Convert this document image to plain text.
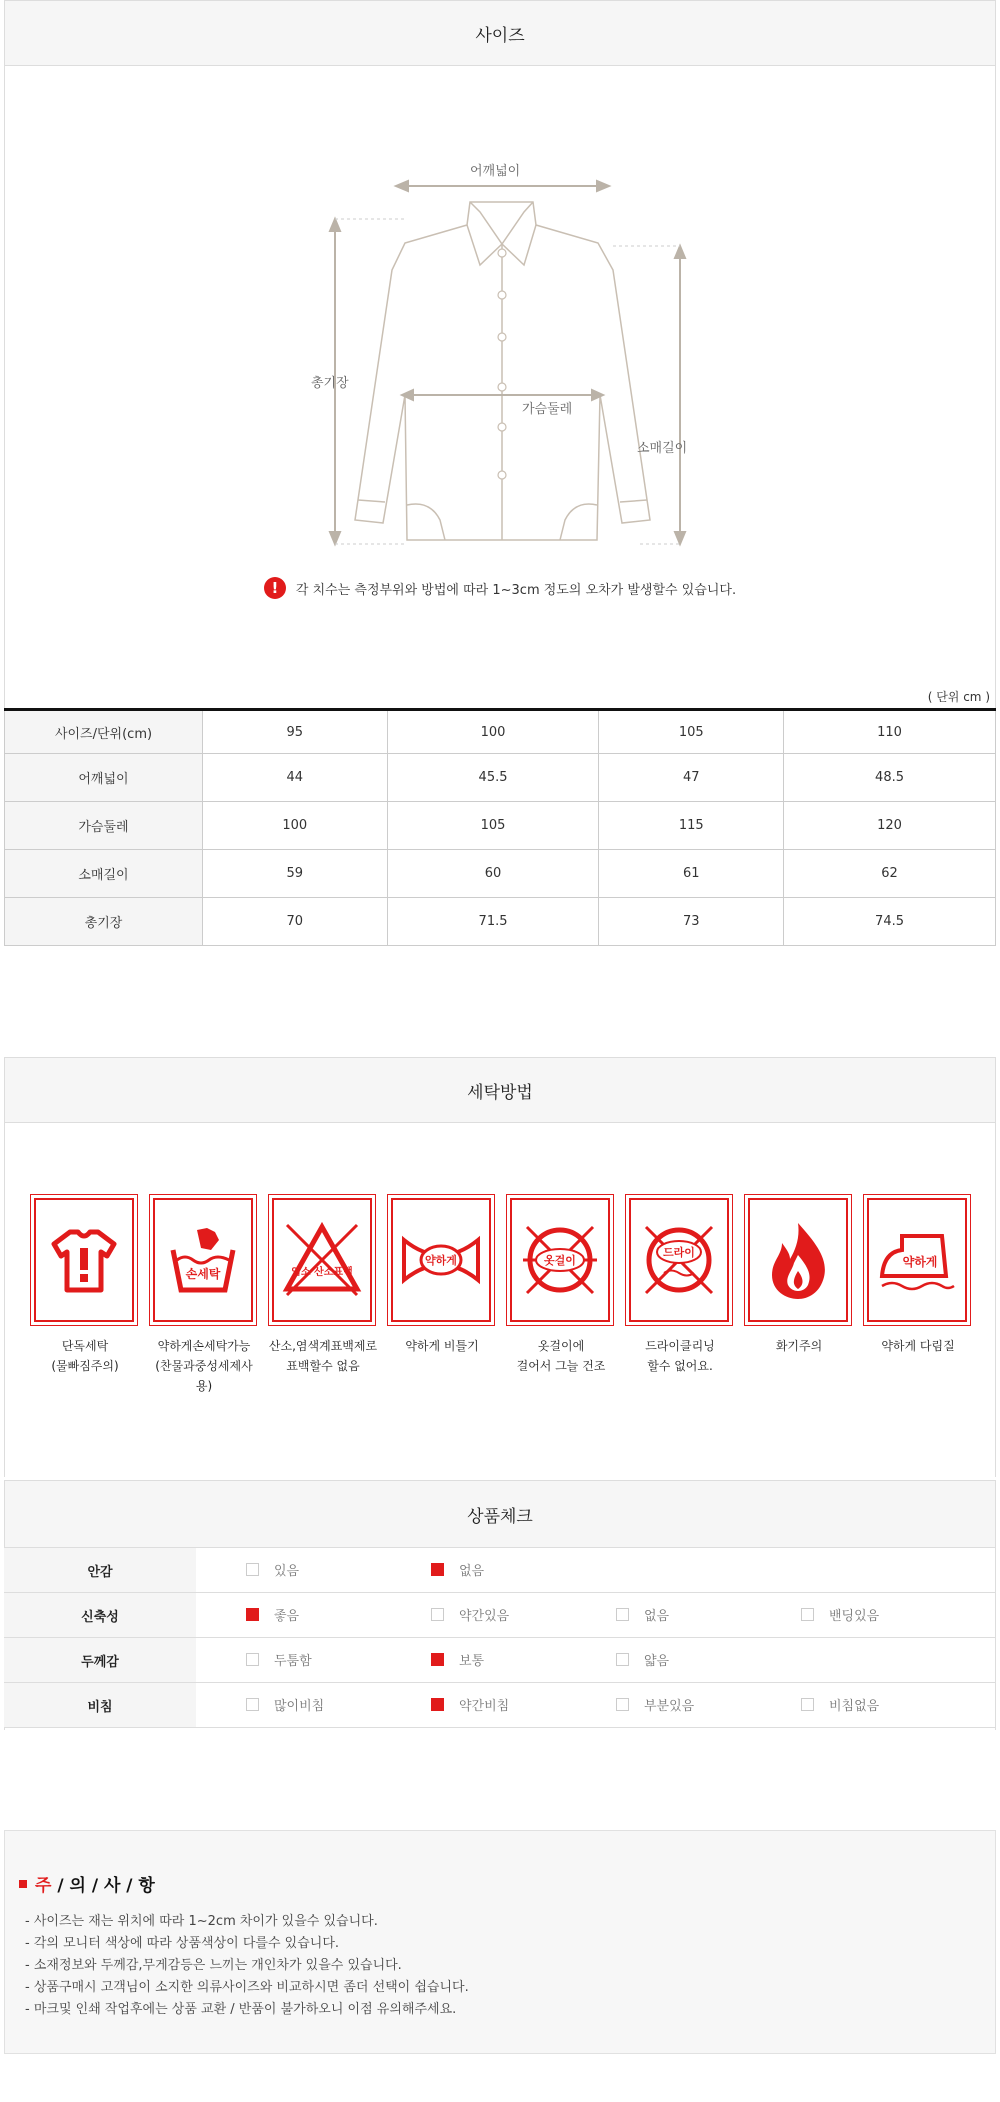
사이즈
어깨넓이
총기장
가슴둘레
소매길이
!	각 치수는 측정부위와 방법에 따라 1~3cm 정도의 오차가 발생할수 있습니다.
( 단위 cm )
사이즈/단위(cm)	95	100	105	110
어깨넓이	44	45.5	47	48.5
가슴둘레	100	105	115	120
소매길이	59	60	61	62
총기장	70	71.5	73	74.5
세탁방법
단독세탁
(물빠짐주의)
손세탁
약하게손세탁가능
(찬물과중성세제사용)
염소 산소표백
산소,염색계표백제로
표백할수 없음
약하게
약하게 비틀기
옷걸이
옷걸이에
걸어서 그늘 건조
드라이
드라이클리닝
할수 없어요.
화기주의
약하게
약하게 다림질
상품체크
안감	있음 없음

신축성	좋음 약간있음 없음 밴딩있음

두께감	두툼함 보통 얇음

비침	많이비침 약간비침 부분있음 비침없음
주 / 의 / 사 / 항
- 사이즈는 재는 위치에 따라 1~2cm 차이가 있을수 있습니다.
- 각의 모니터 색상에 따라 상품색상이 다를수 있습니다.
- 소재정보와 두께감,무게감등은 느끼는 개인차가 있을수 있습니다.
- 상품구매시 고객님이 소지한 의류사이즈와 비교하시면 좀더 선택이 쉽습니다.
- 마크및 인쇄 작업후에는 상품 교환 / 반품이 불가하오니 이점 유의해주세요.
